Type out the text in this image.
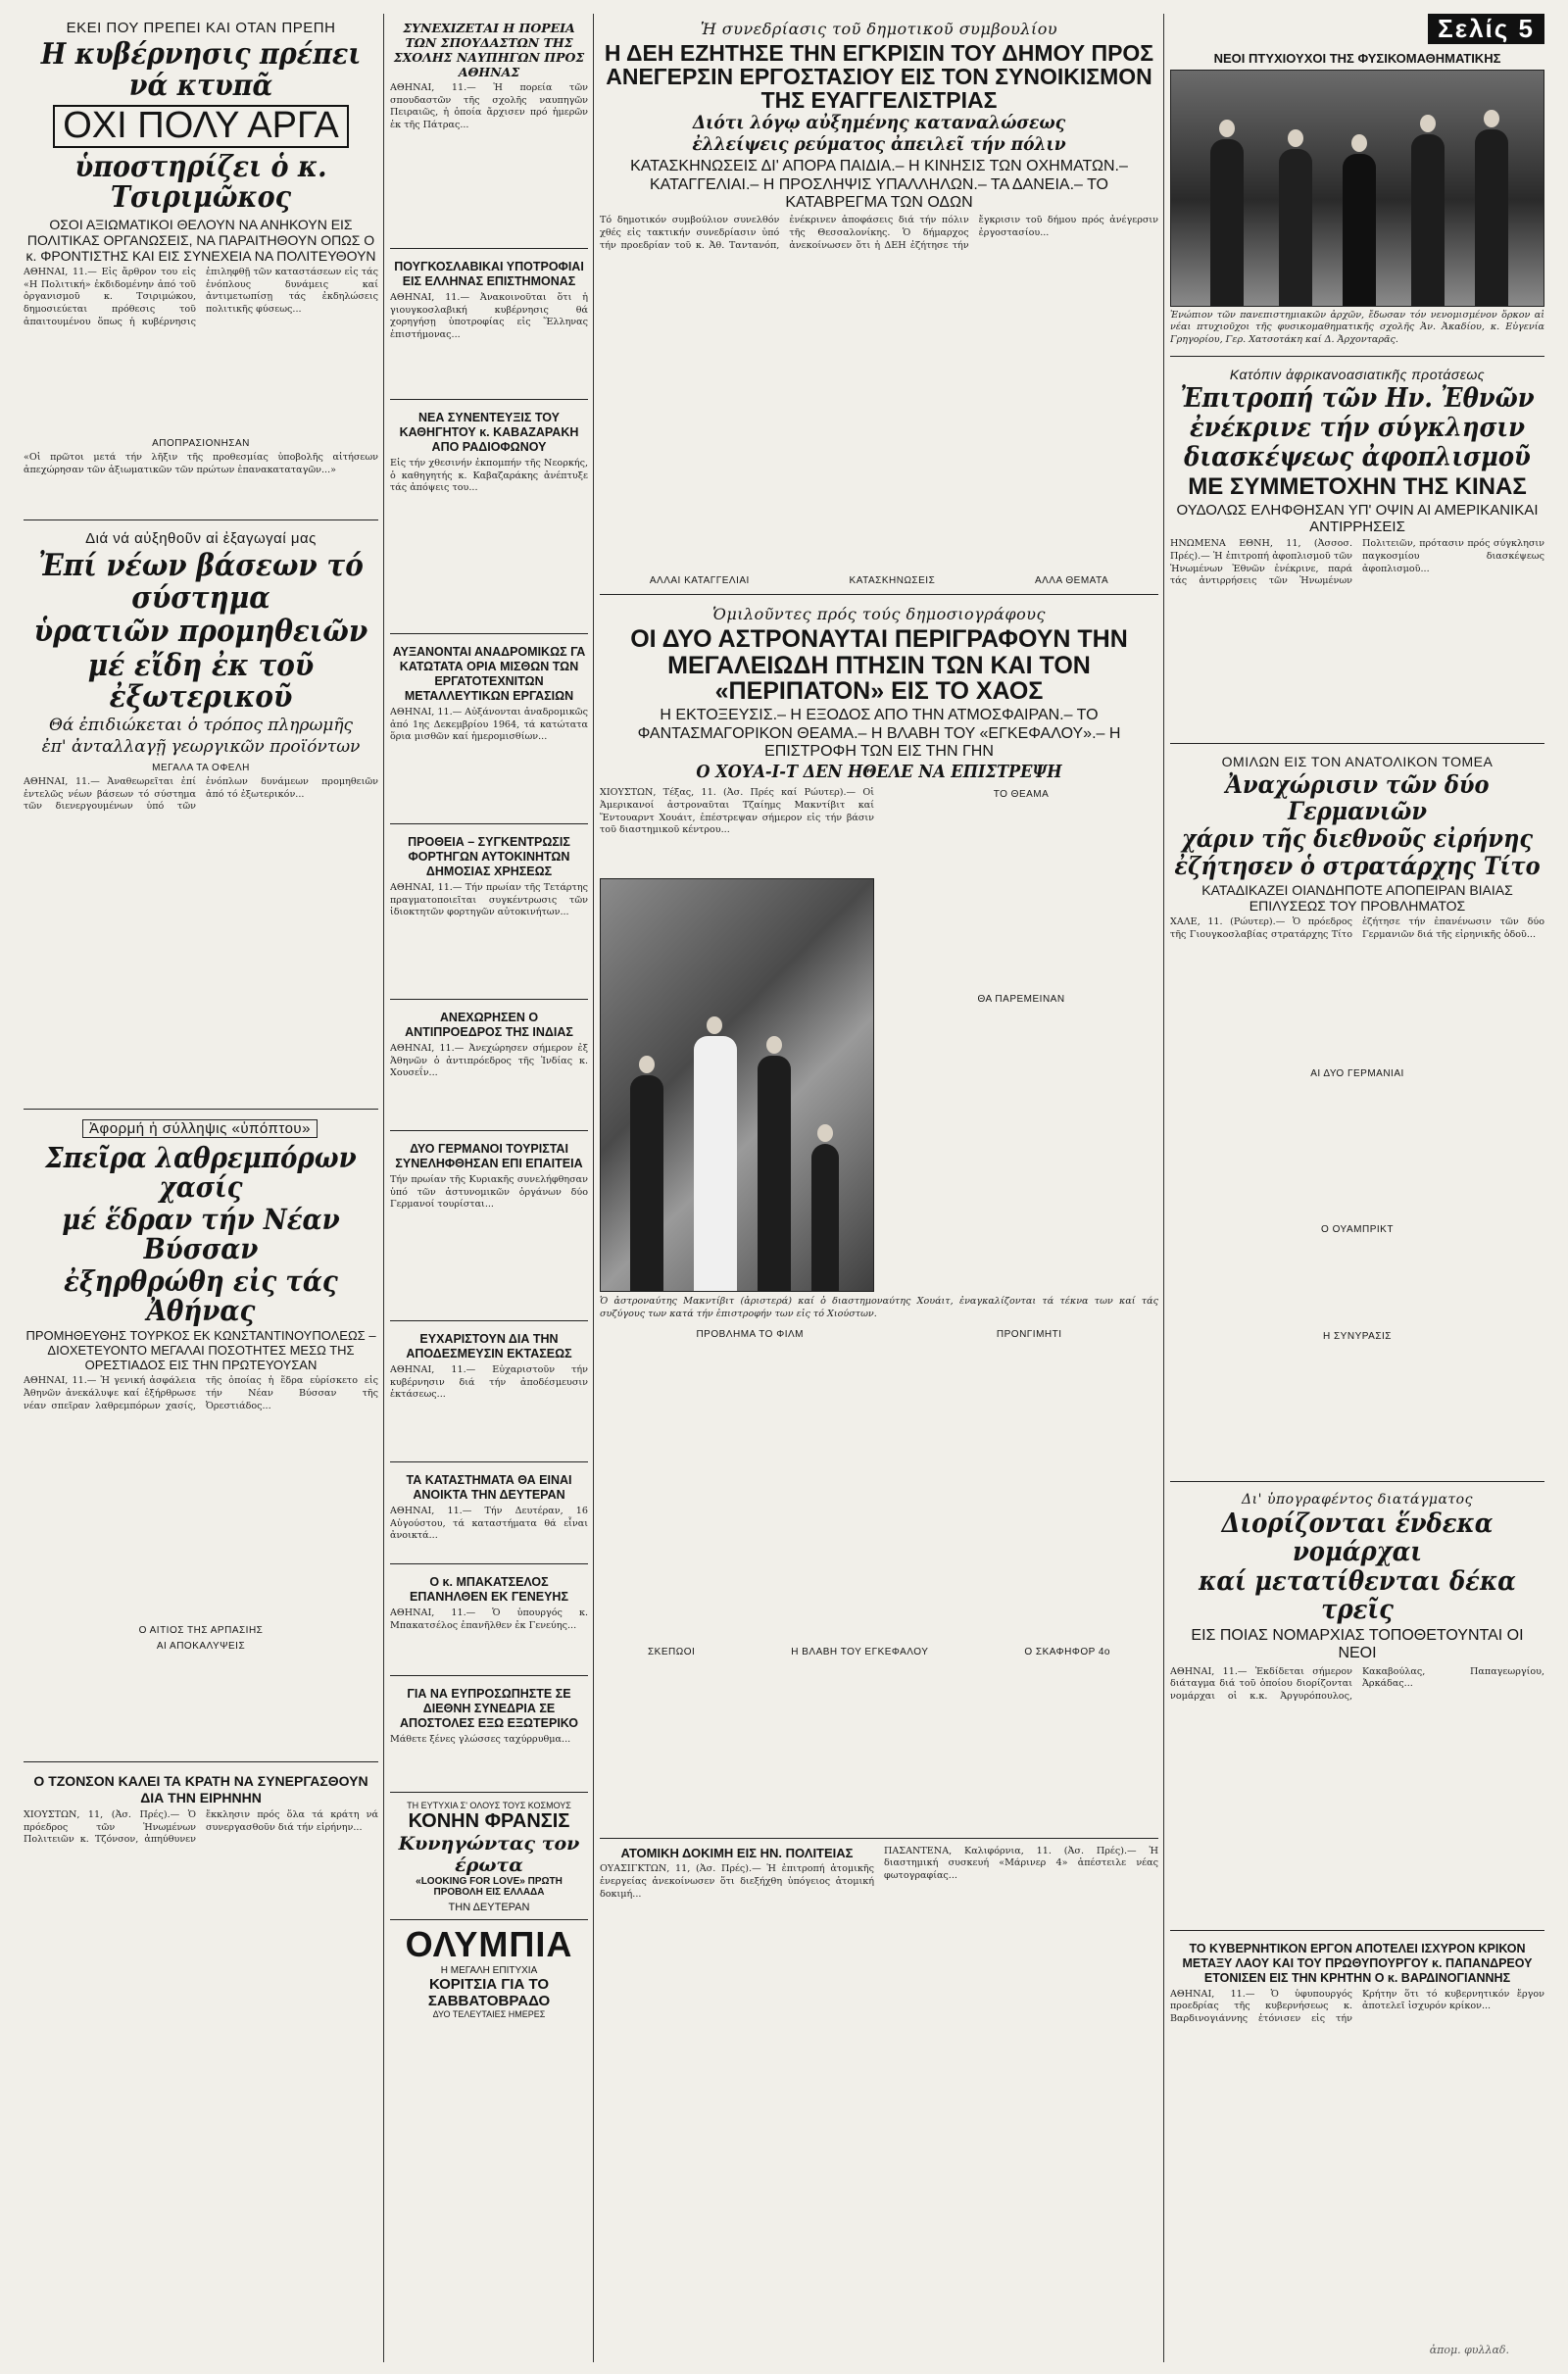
ΕΚΕΙ ΠΟΥ ΠΡΕΠΕΙ ΚΑΙ ΟΤΑΝ ΠΡΕΠΗ
Η κυβέρνησις πρέπει νά κτυπᾶ
ΟΧΙ ΠΟΛΥ ΑΡΓΑ
ὑποστηρίζει ὁ κ. Τσιριμῶκος
ΟΣΟΙ ΑΞΙΩΜΑΤΙΚΟΙ ΘΕΛΟΥΝ ΝΑ ΑΝΗΚΟΥΝ ΕΙΣ ΠΟΛΙΤΙΚΑΣ ΟΡΓΑΝΩΣΕΙΣ, ΝΑ ΠΑΡΑΙΤΗΘΟΥΝ ΟΠΩΣ Ο κ. ΦΡΟΝΤΙΣΤΗΣ ΚΑΙ ΕΙΣ ΣΥΝΕΧΕΙΑ ΝΑ ΠΟΛΙΤΕΥΘΟΥΝ
ΑΘΗΝΑΙ, 11.— Εἰς ἄρθρον του εἰς «Η Πολιτική» ἐκδιδομένην ἀπό τοῦ ὀργανισμοῦ κ. Τσιριμώκου, δημοσιεύεται πρόθεσις τοῦ ἀπαιτουμένου ὅπως ἡ κυβέρνησις ἐπιληφθῇ τῶν καταστάσεων εἰς τάς ἐνόπλους δυνάμεις καί ἀντιμετωπίσῃ τάς ἐκδηλώσεις πολιτικῆς φύσεως...
ΑΠΟΠΡΑΣΙΟΝΗΣΑΝ
«Οἱ πρῶτοι μετά τήν λῆξιν τῆς προθεσμίας ὑποβολῆς αἰτήσεων ἀπεχώρησαν τῶν ἀξιωματικῶν τῶν πρώτων ἐπανακαταταγῶν...»
Διά νά αὐξηθοῦν αἱ ἐξαγωγαί μας
Ἐπί νέων βάσεων τό σύστημα
ὑρατιῶν προμηθειῶν
μέ εἴδη ἐκ τοῦ ἐξωτερικοῦ
Θά ἐπιδιώκεται ὁ τρόπος πληρωμῆς
ἐπ' ἀνταλλαγῇ γεωργικῶν προϊόντων
ΜΕΓΑΛΑ ΤΑ ΟΦΕΛΗ
ΑΘΗΝΑΙ, 11.— Ἀναθεωρεῖται ἐπί ἐντελῶς νέων βάσεων τό σύστημα τῶν διενεργουμένων ὑπό τῶν ἐνόπλων δυνάμεων προμηθειῶν ἀπό τό ἐξωτερικόν...
Ἀφορμή ἡ σύλληψις «ὑπόπτου»
Σπεῖρα λαθρεμπόρων χασίς
μέ ἕδραν τήν Νέαν Βύσσαν
ἐξηρθρώθη εἰς τάς Ἀθήνας
ΠΡΟΜΗΘΕΥΘΗΣ ΤΟΥΡΚΟΣ ΕΚ ΚΩΝΣΤΑΝΤΙΝΟΥΠΟΛΕΩΣ – ΔΙΟΧΕΤΕΥΟΝΤΟ ΜΕΓΑΛΑΙ ΠΟΣΟΤΗΤΕΣ ΜΕΣΩ ΤΗΣ ΟΡΕΣΤΙΑΔΟΣ ΕΙΣ ΤΗΝ ΠΡΩΤΕΥΟΥΣΑΝ
ΑΘΗΝΑΙ, 11.— Ἡ γενική ἀσφάλεια Ἀθηνῶν ἀνεκάλυψε καί ἐξήρθρωσε νέαν σπεῖραν λαθρεμπόρων χασίς, τῆς ὁποίας ἡ ἕδρα εὑρίσκετο εἰς τήν Νέαν Βύσσαν τῆς Ὀρεστιάδος...
Ο ΑΙΤΙΟΣ ΤΗΣ ΑΡΠΑΣΙΗΣ
ΑΙ ΑΠΟΚΑΛΥΨΕΙΣ
Ο ΤΖΟΝΣΟΝ ΚΑΛΕΙ ΤΑ ΚΡΑΤΗ ΝΑ ΣΥΝΕΡΓΑΣΘΟΥΝ ΔΙΑ ΤΗΝ ΕΙΡΗΝΗΝ
ΧΙΟΥΣΤΩΝ, 11, (Ἀσ. Πρές).— Ὁ πρόεδρος τῶν Ἡνωμένων Πολιτειῶν κ. Τζόνσον, ἀπηύθυνεν ἔκκλησιν πρός ὅλα τά κράτη νά συνεργασθοῦν διά τήν εἰρήνην...
ΣΥΝΕΧΙΖΕΤΑΙ Η ΠΟΡΕΙΑ ΤΩΝ ΣΠΟΥΔΑΣΤΩΝ ΤΗΣ ΣΧΟΛΗΣ ΝΑΥΠΗΓΩΝ ΠΡΟΣ ΑΘΗΝΑΣ
ΑΘΗΝΑΙ, 11.— Ἡ πορεία τῶν σπουδαστῶν τῆς σχολῆς ναυπηγῶν Πειραιῶς, ἡ ὁποία ἄρχισεν πρό ἡμερῶν ἐκ τῆς Πάτρας...
ΠΟΥΓΚΟΣΛΑΒΙΚΑΙ ΥΠΟΤΡΟΦΙΑΙ ΕΙΣ ΕΛΛΗΝΑΣ ΕΠΙΣΤΗΜΟΝΑΣ
ΑΘΗΝΑΙ, 11.— Ἀνακοινοῦται ὅτι ἡ γιουγκοσλαβική κυβέρνησις θά χορηγήσῃ ὑποτροφίας εἰς Ἕλληνας ἐπιστήμονας...
ΝΕΑ ΣΥΝΕΝΤΕΥΞΙΣ ΤΟΥ ΚΑΘΗΓΗΤΟΥ κ. ΚΑΒΑΖΑΡΑΚΗ ΑΠΟ ΡΑΔΙΟΦΩΝΟΥ
Εἰς τήν χθεσινήν ἐκπομπήν τῆς Νεορκής, ὁ καθηγητής κ. Καβαζαράκης ἀνέπτυξε τάς ἀπόψεις του...
ΑΥΞΑΝΟΝΤΑΙ ΑΝΑΔΡΟΜΙΚΩΣ ΓΑ ΚΑΤΩΤΑΤΑ ΟΡΙΑ ΜΙΣΘΩΝ ΤΩΝ ΕΡΓΑΤΟΤΕΧΝΙΤΩΝ ΜΕΤΑΛΛΕΥΤΙΚΩΝ ΕΡΓΑΣΙΩΝ
ΑΘΗΝΑΙ, 11.— Αὐξάνονται ἀναδρομικῶς ἀπό 1ης Δεκεμβρίου 1964, τά κατώτατα ὅρια μισθῶν καί ἡμερομισθίων...
ΠΡΟΘΕΙΑ – ΣΥΓΚΕΝΤΡΩΣΙΣ ΦΟΡΤΗΓΩΝ ΑΥΤΟΚΙΝΗΤΩΝ ΔΗΜΟΣΙΑΣ ΧΡΗΣΕΩΣ
ΑΘΗΝΑΙ, 11.— Τήν πρωίαν τῆς Τετάρτης πραγματοποιεῖται συγκέντρωσις τῶν ἰδιοκτητῶν φορτηγῶν αὐτοκινήτων...
ΑΝΕΧΩΡΗΣΕΝ Ο ΑΝΤΙΠΡΟΕΔΡΟΣ ΤΗΣ ΙΝΔΙΑΣ
ΑΘΗΝΑΙ, 11.— Ἀνεχώρησεν σήμερον ἐξ Ἀθηνῶν ὁ ἀντιπρόεδρος τῆς Ἰνδίας κ. Χουσεΐν...
ΔΥΟ ΓΕΡΜΑΝΟΙ ΤΟΥΡΙΣΤΑΙ ΣΥΝΕΛΗΦΘΗΣΑΝ ΕΠΙ ΕΠΑΙΤΕΙΑ
Τήν πρωίαν τῆς Κυριακῆς συνελήφθησαν ὑπό τῶν ἀστυνομικῶν ὀργάνων δύο Γερμανοί τουρίσται...
ΕΥΧΑΡΙΣΤΟΥΝ ΔΙΑ ΤΗΝ ΑΠΟΔΕΣΜΕΥΣΙΝ ΕΚΤΑΣΕΩΣ
ΑΘΗΝΑΙ, 11.— Εὐχαριστοῦν τήν κυβέρνησιν διά τήν ἀποδέσμευσιν ἐκτάσεως...
ΤΑ ΚΑΤΑΣΤΗΜΑΤΑ ΘΑ ΕΙΝΑΙ ΑΝΟΙΚΤΑ ΤΗΝ ΔΕΥΤΕΡΑΝ
ΑΘΗΝΑΙ, 11.— Τήν Δευτέραν, 16 Αὐγούστου, τά καταστήματα θά εἶναι ἀνοικτά...
Ο κ. ΜΠΑΚΑΤΣΕΛΟΣ ΕΠΑΝΗΛΘΕΝ ΕΚ ΓΕΝΕΥΗΣ
ΑΘΗΝΑΙ, 11.— Ὁ ὑπουργός κ. Μπακατσέλος ἐπανῆλθεν ἐκ Γενεύης...
ΓΙΑ ΝΑ ΕΥΠΡΟΣΩΠΗΣΤΕ ΣΕ ΔΙΕΘΝΗ ΣΥΝΕΔΡΙΑ ΣΕ ΑΠΟΣΤΟΛΕΣ ΕΞΩ ΕΞΩΤΕΡΙΚΟ
Μάθετε ξένες γλώσσες ταχύρρυθμα...
ΤΗ ΕΥΤΥΧΙΑ Σ' ΟΛΟΥΣ ΤΟΥΣ ΚΟΣΜΟΥΣ
ΚΟΝΗΝ ΦΡΑΝΣΙΣ
Κυνηγώντας τον έρωτα
«LOOKING FOR LOVE» ΠΡΩΤΗ ΠΡΟΒΟΛΗ ΕΙΣ ΕΛΛΑΔΑ
ΤΗΝ ΔΕΥΤΕΡΑΝ
ΟΛΥΜΠΙΑ
Η ΜΕΓΑΛΗ ΕΠΙΤΥΧΙΑ
ΚΟΡΙΤΣΙΑ ΓΙΑ ΤΟ ΣΑΒΒΑΤΟΒΡΑΔΟ
ΔΥΟ ΤΕΛΕΥΤΑΙΕΣ ΗΜΕΡΕΣ
Ἡ συνεδρίασις τοῦ δημοτικοῦ συμβουλίου
Η ΔΕΗ ΕΖΗΤΗΣΕ ΤΗΝ ΕΓΚΡΙΣΙΝ ΤΟΥ ΔΗΜΟΥ ΠΡΟΣ ΑΝΕΓΕΡΣΙΝ ΕΡΓΟΣΤΑΣΙΟΥ ΕΙΣ ΤΟΝ ΣΥΝΟΙΚΙΣΜΟΝ ΤΗΣ ΕΥΑΓΓΕΛΙΣΤΡΙΑΣ
Διότι λόγῳ αὐξημένης καταναλώσεως
ἐλλείψεις ρεύματος ἀπειλεῖ τήν πόλιν
ΚΑΤΑΣΚΗΝΩΣΕΙΣ ΔΙ' ΑΠΟΡΑ ΠΑΙΔΙΑ.– Η ΚΙΝΗΣΙΣ ΤΩΝ ΟΧΗΜΑΤΩΝ.– ΚΑΤΑΓΓΕΛΙΑΙ.– Η ΠΡΟΣΛΗΨΙΣ ΥΠΑΛΛΗΛΩΝ.– ΤΑ ΔΑΝΕΙΑ.– ΤΟ ΚΑΤΑΒΡΕΓΜΑ ΤΩΝ ΟΔΩΝ
Τό δημοτικόν συμβούλιον συνελθόν χθές εἰς τακτικήν συνεδρίασιν ὑπό τήν προεδρίαν τοῦ κ. Ἀθ. Ταντανόπ, ἐνέκρινεν ἀποφάσεις διά τήν πόλιν τῆς Θεσσαλονίκης. Ὁ δήμαρχος ἀνεκοίνωσεν ὅτι ἡ ΔΕΗ ἐζήτησε τήν ἔγκρισιν τοῦ δήμου πρός ἀνέγερσιν ἐργοστασίου...
ΑΛΛΑΙ ΚΑΤΑΓΓΕΛΙΑΙ	ΚΑΤΑΣΚΗΝΩΣΕΙΣ	ΑΛΛΑ ΘΕΜΑΤΑ
Ὁμιλοῦντες πρός τούς δημοσιογράφους
ΟΙ ΔΥΟ ΑΣΤΡΟΝΑΥΤΑΙ ΠΕΡΙΓΡΑΦΟΥΝ ΤΗΝ ΜΕΓΑΛΕΙΩΔΗ ΠΤΗΣΙΝ ΤΩΝ ΚΑΙ ΤΟΝ «ΠΕΡΙΠΑΤΟΝ» ΕΙΣ ΤΟ ΧΑΟΣ
Η ΕΚΤΟΞΕΥΣΙΣ.– Η ΕΞΟΔΟΣ ΑΠΟ ΤΗΝ ΑΤΜΟΣΦΑΙΡΑΝ.– ΤΟ ΦΑΝΤΑΣΜΑΓΟΡΙΚΟΝ ΘΕΑΜΑ.– Η ΒΛΑΒΗ ΤΟΥ «ΕΓΚΕΦΑΛΟΥ».– Η ΕΠΙΣΤΡΟΦΗ ΤΩΝ ΕΙΣ ΤΗΝ ΓΗΝ
Ο ΧΟΥΑ-Ι-Τ ΔΕΝ ΗΘΕΛΕ ΝΑ ΕΠΙΣΤΡΕΨΗ
ΧΙΟΥΣΤΩΝ, Τέξας, 11. (Ἀσ. Πρές καί Ρώυτερ).— Οἱ Ἀμερικανοί ἀστροναῦται Τζαίημς Μακντίβιτ καί Ἔντουαρντ Χουάιτ, ἐπέστρεψαν σήμερον εἰς τήν βάσιν τοῦ διαστημικοῦ κέντρου...
ΤΟ ΘΕΑΜΑ
ΘΑ ΠΑΡΕΜΕΙΝΑΝ
Ὁ ἀστροναύτης Μακντίβιτ (ἀριστερά) καί ὁ διαστημοναύτης Χουάιτ, ἐναγκαλίζονται τά τέκνα των καί τάς συζύγους των κατά τήν ἐπιστροφήν των εἰς τό Χιούστων.
ΠΡΟΒΛΗΜΑ ΤΟ ΦΙΛΜ	ΠΡΟΝΓΙΜΗΤΙ
ΣΚΕΠΩΟΙ	Η ΒΛΑΒΗ ΤΟΥ ΕΓΚΕΦΑΛΟΥ	Ο ΣΚΑΦΗΦΟΡ 4ο
ΑΤΟΜΙΚΗ ΔΟΚΙΜΗ ΕΙΣ ΗΝ. ΠΟΛΙΤΕΙΑΣ
ΟΥΑΣΙΓΚΤΩΝ, 11, (Ἀσ. Πρές).— Ἡ ἐπιτροπή ἀτομικῆς ἐνεργείας ἀνεκοίνωσεν ὅτι διεξήχθη ὑπόγειος ἀτομική δοκιμή...
ΠΑΣΑΝΤΕΝΑ, Καλιφόρνια, 11. (Ἀσ. Πρές).— Ἡ διαστημική συσκευή «Μάρινερ 4» ἀπέστειλε νέας φωτογραφίας...
Σελίς 5
ΝΕΟΙ ΠΤΥΧΙΟΥΧΟΙ ΤΗΣ ΦΥΣΙΚΟΜΑΘΗΜΑΤΙΚΗΣ
Ἐνώπιον τῶν πανεπιστημιακῶν ἀρχῶν, ἔδωσαν τόν νενομισμένον ὅρκον αἱ νέαι πτυχιοῦχοι τῆς φυσικομαθηματικῆς σχολῆς Ἀν. Ἀκαδίου, κ. Εὐγενία Γρηγορίου, Γερ. Χατσοτάκη καί Δ. Ἀρχονταρᾶς.
Κατόπιν ἀφρικανοασιατικῆς προτάσεως
Ἐπιτροπή τῶν Ην. Ἐθνῶν
ἐνέκρινε τήν σύγκλησιν
διασκέψεως ἀφοπλισμοῦ
ΜΕ ΣΥΜΜΕΤΟΧΗΝ ΤΗΣ ΚΙΝΑΣ
ΟΥΔΟΛΩΣ ΕΛΗΦΘΗΣΑΝ ΥΠ' ΟΨΙΝ ΑΙ ΑΜΕΡΙΚΑΝΙΚΑΙ ΑΝΤΙΡΡΗΣΕΙΣ
ΗΝΩΜΕΝΑ ΕΘΝΗ, 11, (Ἀσσοσ. Πρές).— Ἡ ἐπιτροπή ἀφοπλισμοῦ τῶν Ἡνωμένων Ἐθνῶν ἐνέκρινε, παρά τάς ἀντιρρήσεις τῶν Ἡνωμένων Πολιτειῶν, πρότασιν πρός σύγκλησιν παγκοσμίου διασκέψεως ἀφοπλισμοῦ...
ΟΜΙΛΩΝ ΕΙΣ ΤΟΝ ΑΝΑΤΟΛΙΚΟΝ ΤΟΜΕΑ
Ἀναχώρισιν τῶν δύο Γερμανιῶν
χάριν τῆς διεθνοῦς εἰρήνης
ἐζήτησεν ὁ στρατάρχης Τίτο
ΚΑΤΑΔΙΚΑΖΕΙ ΟΙΑΝΔΗΠΟΤΕ ΑΠΟΠΕΙΡΑΝ ΒΙΑΙΑΣ ΕΠΙΛΥΣΕΩΣ ΤΟΥ ΠΡΟΒΛΗΜΑΤΟΣ
ΧΑΛΕ, 11. (Ρώυτερ).— Ὁ πρόεδρος τῆς Γιουγκοσλαβίας στρατάρχης Τίτο ἐζήτησε τήν ἐπανένωσιν τῶν δύο Γερμανιῶν διά τῆς εἰρηνικῆς ὁδοῦ...
ΑΙ ΔΥΟ ΓΕΡΜΑΝΙΑΙ
Ο ΟΥΑΜΠΡΙΚΤ
Η ΣΥΝΥΡΑΣΙΣ
Δι' ὑπογραφέντος διατάγματος
Διορίζονται ἕνδεκα νομάρχαι
καί μετατίθενται δέκα τρεῖς
ΕΙΣ ΠΟΙΑΣ ΝΟΜΑΡΧΙΑΣ ΤΟΠΟΘΕΤΟΥΝΤΑΙ ΟΙ ΝΕΟΙ
ΑΘΗΝΑΙ, 11.— Ἐκδίδεται σήμερον διάταγμα διά τοῦ ὁποίου διορίζονται νομάρχαι οἱ κ.κ. Ἀργυρόπουλος, Κακαβούλας, Παπαγεωργίου, Ἀρκάδας...
ΤΟ ΚΥΒΕΡΝΗΤΙΚΟΝ ΕΡΓΟΝ ΑΠΟΤΕΛΕΙ ΙΣΧΥΡΟΝ ΚΡΙΚΟΝ ΜΕΤΑΞΥ ΛΑΟΥ ΚΑΙ ΤΟΥ ΠΡΩΘΥΠΟΥΡΓΟΥ κ. ΠΑΠΑΝΔΡΕΟΥ ΕΤΟΝΙΣΕΝ ΕΙΣ ΤΗΝ ΚΡΗΤΗΝ Ο κ. ΒΑΡΔΙΝΟΓΙΑΝΝΗΣ
ΑΘΗΝΑΙ, 11.— Ὁ ὑφυπουργός προεδρίας τῆς κυβερνήσεως κ. Βαρδινογιάννης ἐτόνισεν εἰς τήν Κρήτην ὅτι τό κυβερνητικόν ἔργον ἀποτελεῖ ἰσχυρόν κρίκον...
ἀπομ. φυλλαδ.
